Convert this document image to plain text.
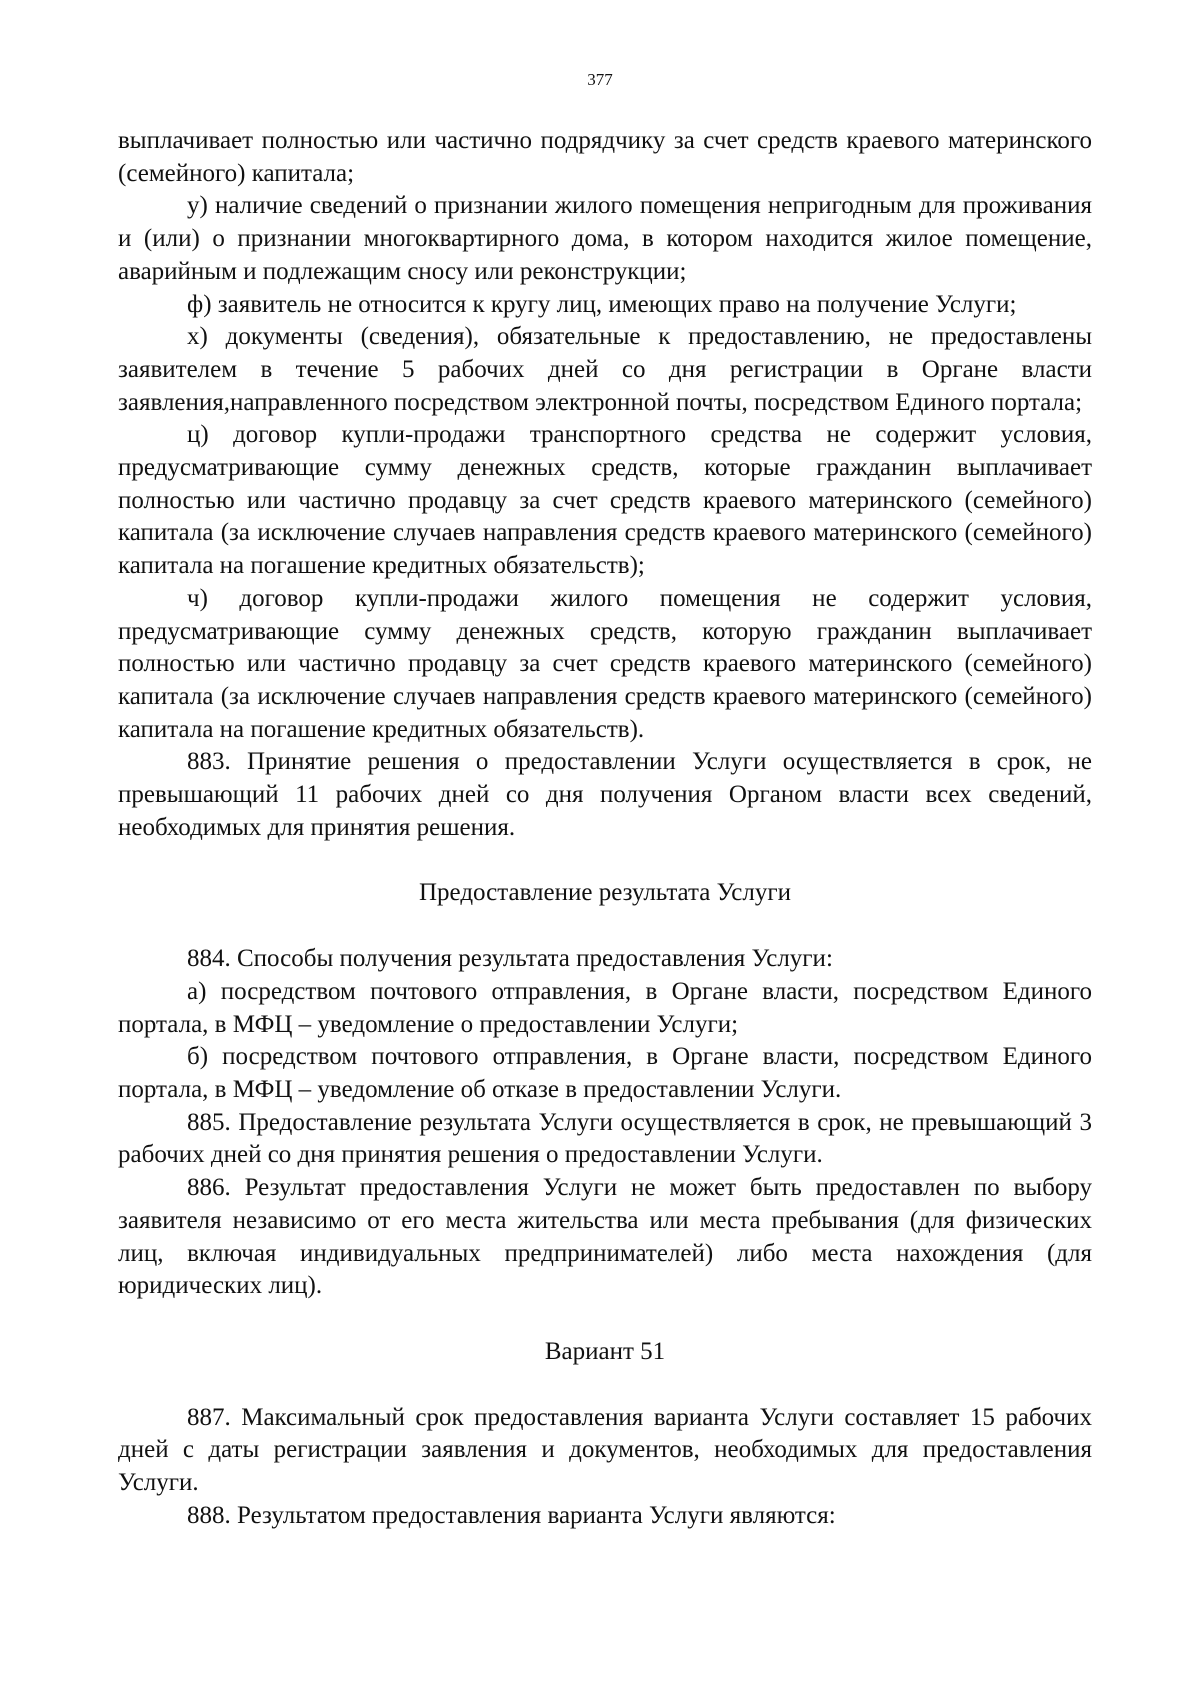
377

выплачивает полностью или частично подрядчику за счет средств краевого материнского (семейного) капитала;

у) наличие сведений о признании жилого помещения непригодным для проживания и (или) о признании многоквартирного дома, в котором находится жилое помещение, аварийным и подлежащим сносу или реконструкции;

ф) заявитель не относится к кругу лиц, имеющих право на получение Услуги;

х) документы (сведения), обязательные к предоставлению, не предоставлены заявителем в течение 5 рабочих дней со дня регистрации в Органе власти заявления,направленного посредством электронной почты, посредством Единого портала;

ц) договор купли-продажи транспортного средства не содержит условия, предусматривающие сумму денежных средств, которые гражданин выплачивает полностью или частично продавцу за счет средств краевого материнского (семейного) капитала (за исключение случаев направления средств краевого материнского (семейного) капитала на погашение кредитных обязательств);

ч) договор купли-продажи жилого помещения не содержит условия, предусматривающие сумму денежных средств, которую гражданин выплачивает полностью или частично продавцу за счет средств краевого материнского (семейного) капитала (за исключение случаев направления средств краевого материнского (семейного) капитала на погашение кредитных обязательств).

883. Принятие решения о предоставлении Услуги осуществляется в срок, не превышающий 11 рабочих дней со дня получения Органом власти всех сведений, необходимых для принятия решения.

Предоставление результата Услуги

884. Способы получения результата предоставления Услуги:

а) посредством почтового отправления, в Органе власти, посредством Единого портала, в МФЦ – уведомление о предоставлении Услуги;

б) посредством почтового отправления, в Органе власти, посредством Единого портала, в МФЦ – уведомление об отказе в предоставлении Услуги.

885. Предоставление результата Услуги осуществляется в срок, не превышающий 3 рабочих дней со дня принятия решения о предоставлении Услуги.

886. Результат предоставления Услуги не может быть предоставлен по выбору заявителя независимо от его места жительства или места пребывания (для физических лиц, включая индивидуальных предпринимателей) либо места нахождения (для юридических лиц).

Вариант 51

887. Максимальный срок предоставления варианта Услуги составляет 15 рабочих дней с даты регистрации заявления и документов, необходимых для предоставления Услуги.

888. Результатом предоставления варианта Услуги являются:
